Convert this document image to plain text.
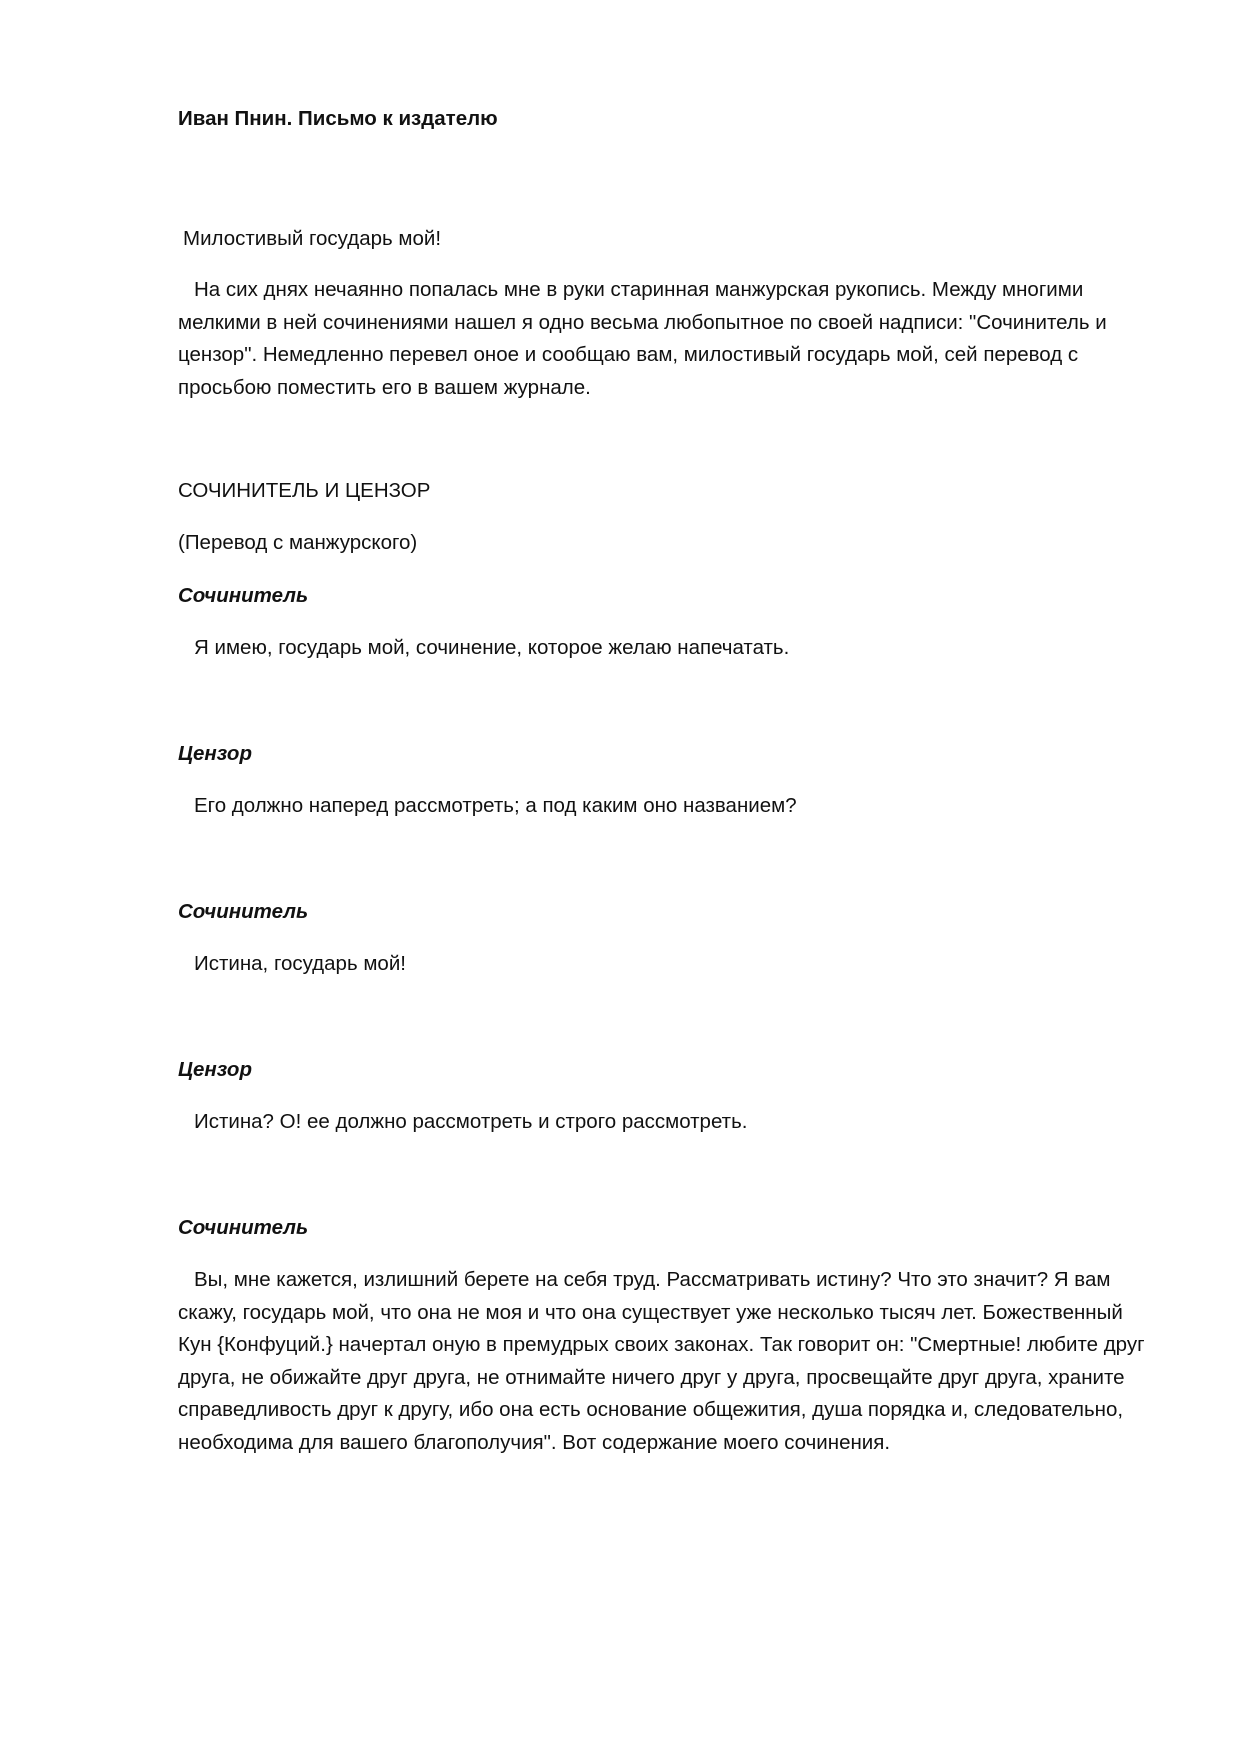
Иван Пнин. Письмо к издателю

Милостивый государь мой!

На сих днях нечаянно попалась мне в руки старинная манжурская рукопись. Между многими мелкими в ней сочинениями нашел я одно весьма любопытное по своей надписи: "Сочинитель и цензор". Немедленно перевел оное и сообщаю вам, милостивый государь мой, сей перевод с просьбою поместить его в вашем журнале.

СОЧИНИТЕЛЬ И ЦЕНЗОР

(Перевод с манжурского)

Сочинитель

Я имею, государь мой, сочинение, которое желаю напечатать.

Цензор

Его должно наперед рассмотреть; а под каким оно названием?

Сочинитель

Истина, государь мой!

Цензор

Истина? О! ее должно рассмотреть и строго рассмотреть.

Сочинитель

Вы, мне кажется, излишний берете на себя труд. Рассматривать истину? Что это значит? Я вам скажу, государь мой, что она не моя и что она существует уже несколько тысяч лет. Божественный Кун {Конфуций.} начертал оную в премудрых своих законах. Так говорит он: "Смертные! любите друг друга, не обижайте друг друга, не отнимайте ничего друг у друга, просвещайте друг друга, храните справедливость друг к другу, ибо она есть основание общежития, душа порядка и, следовательно, необходима для вашего благополучия". Вот содержание моего сочинения.
